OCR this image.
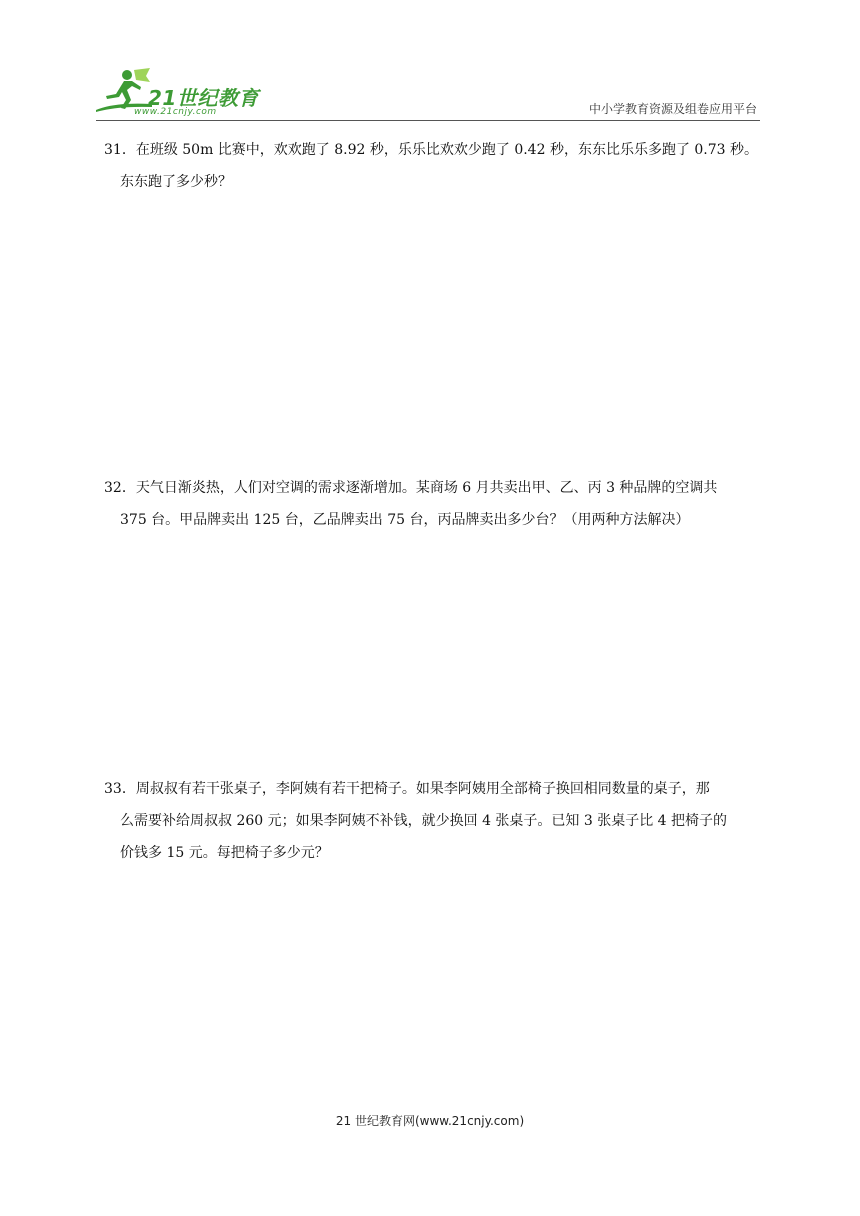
21世纪教育
www.21cnjy.com	中小学教育资源及组卷应用平台
31．在班级 50m 比赛中，欢欢跑了 8.92 秒，乐乐比欢欢少跑了 0.42 秒，东东比乐乐多跑了 0.73 秒。
东东跑了多少秒？
32．天气日渐炎热，人们对空调的需求逐渐增加。某商场 6 月共卖出甲、乙、丙 3 种品牌的空调共
375 台。甲品牌卖出 125 台，乙品牌卖出 75 台，丙品牌卖出多少台？（用两种方法解决）
33．周叔叔有若干张桌子，李阿姨有若干把椅子。如果李阿姨用全部椅子换回相同数量的桌子，那
么需要补给周叔叔 260 元；如果李阿姨不补钱，就少换回 4 张桌子。已知 3 张桌子比 4 把椅子的
价钱多 15 元。每把椅子多少元？
21 世纪教育网(www.21cnjy.com)
